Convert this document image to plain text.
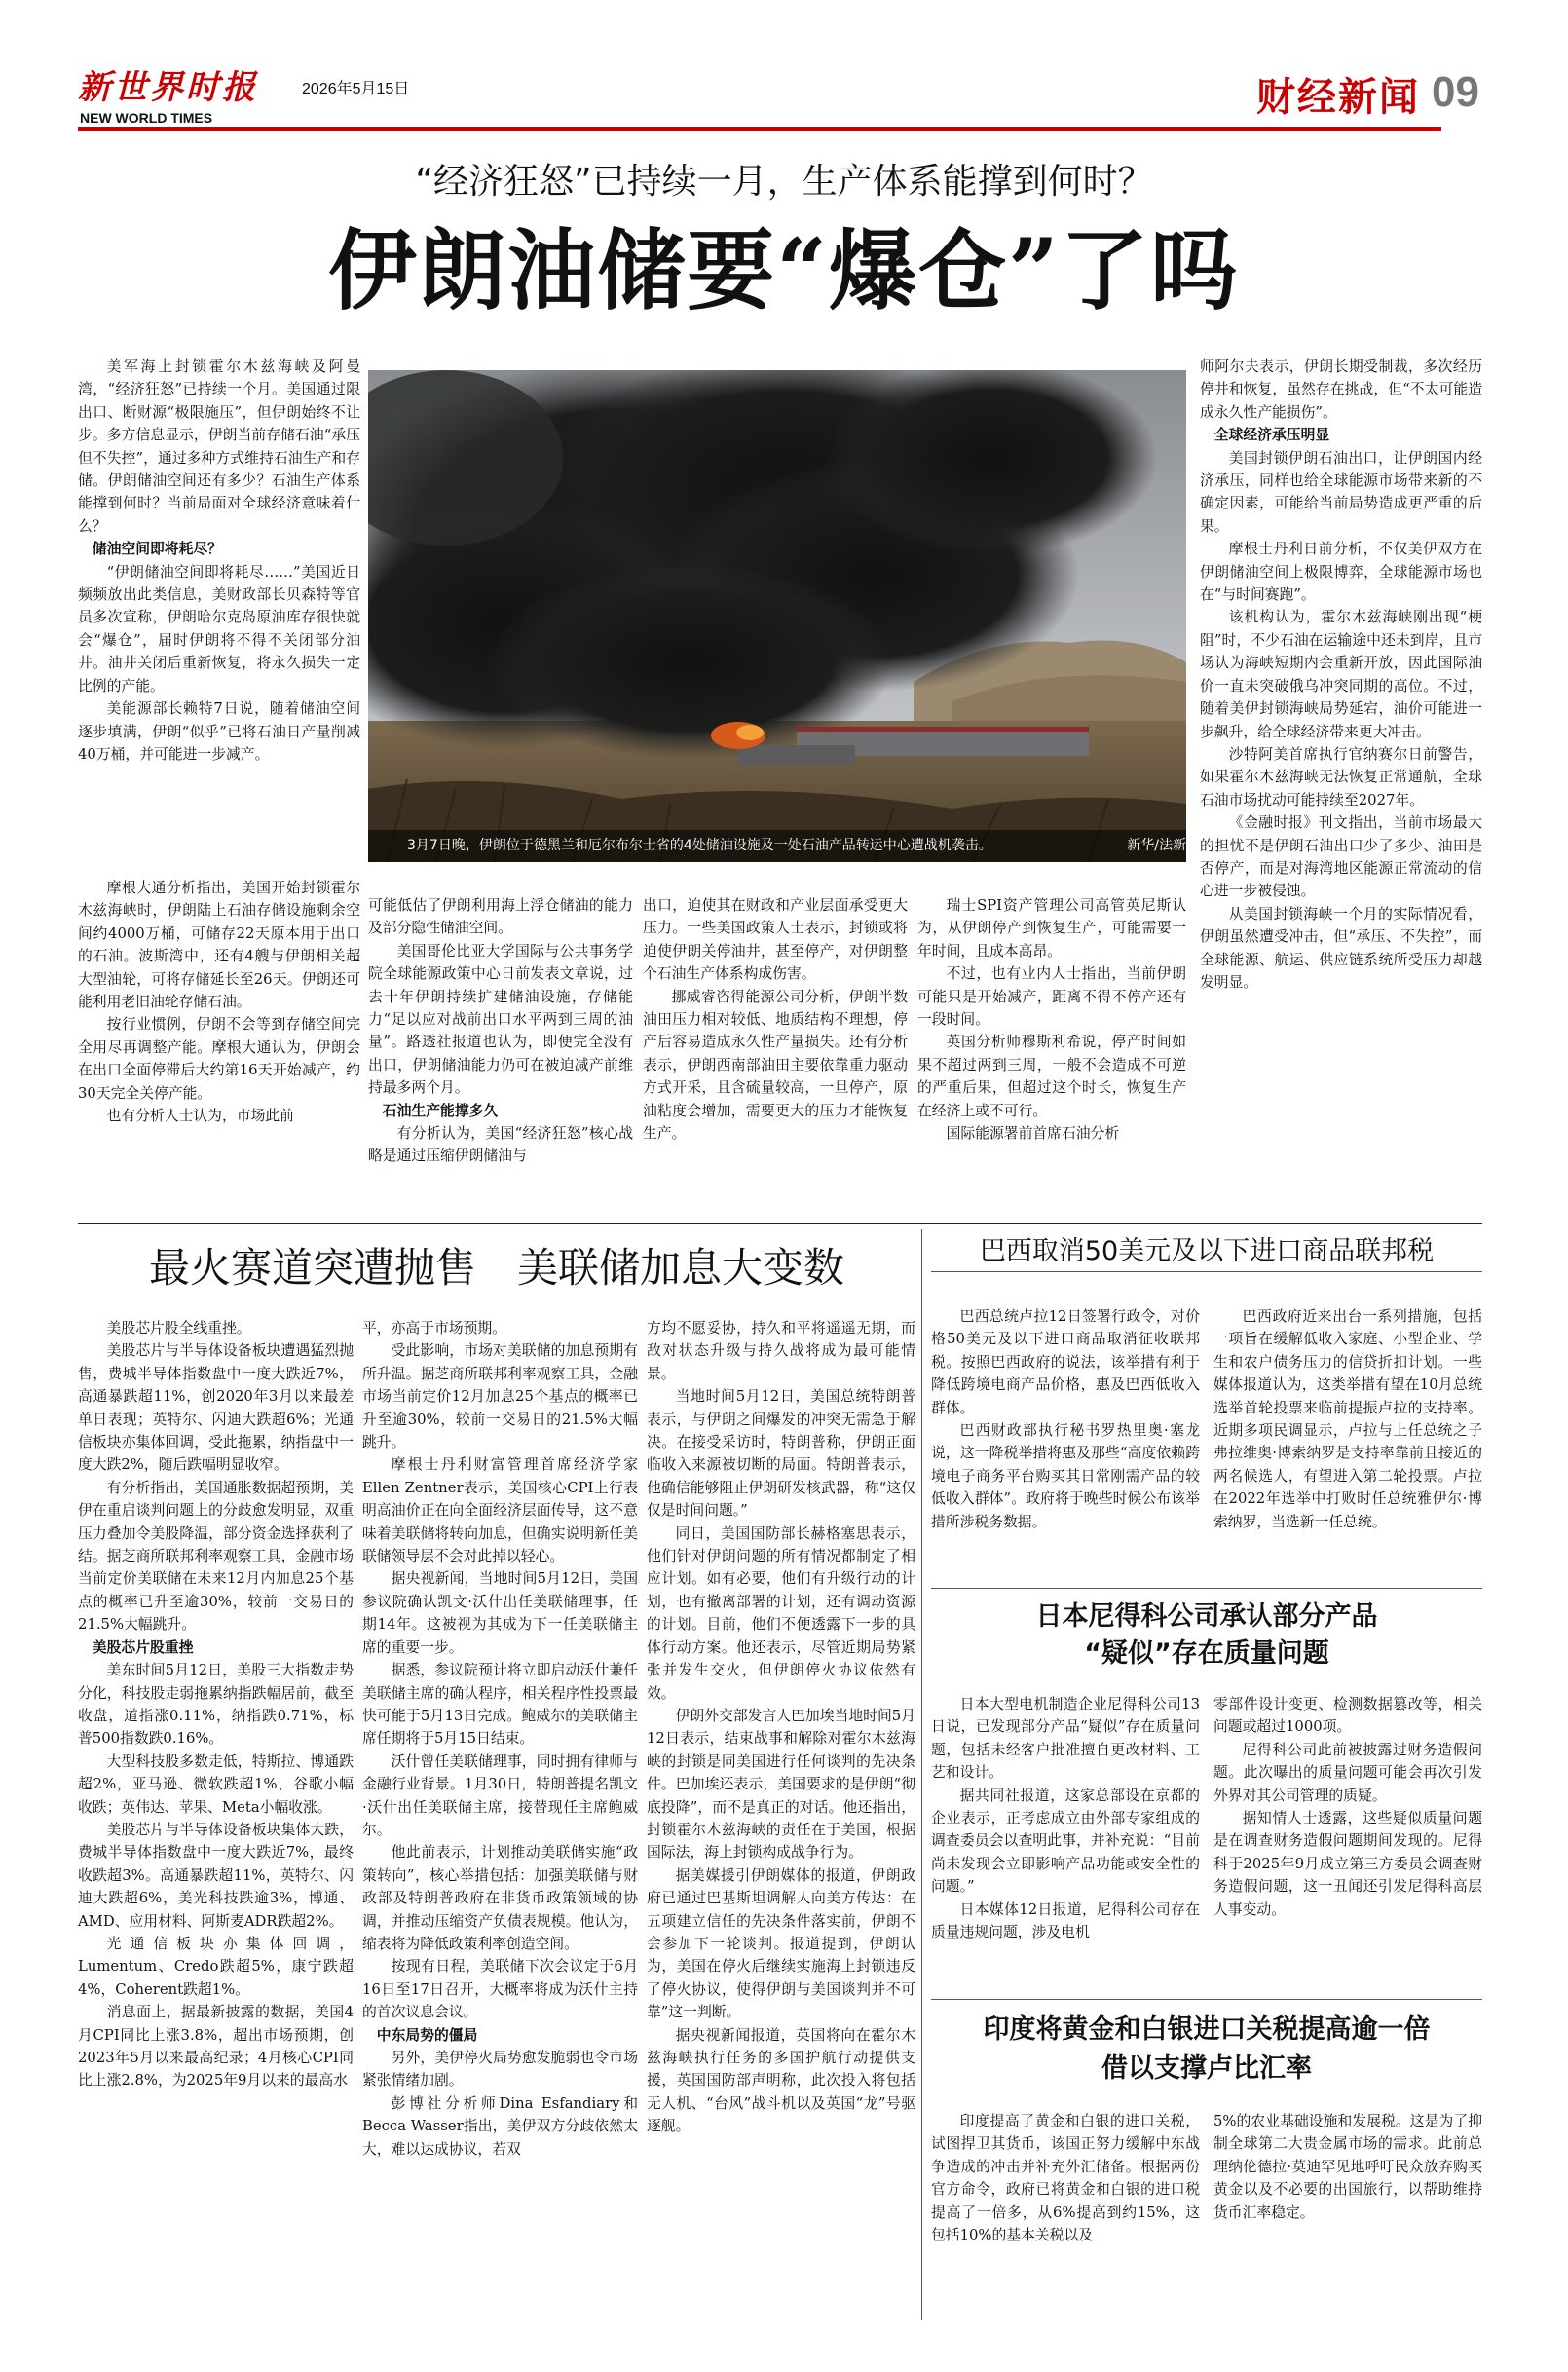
新世界时报
NEW WORLD TIMES
2026年5月15日	财经新闻 09
“经济狂怒”已持续一月，生产体系能撑到何时？
伊朗油储要“爆仓”了吗
3月7日晚，伊朗位于德黑兰和厄尔布尔士省的4处储油设施及一处石油产品转运中心遭战机袭击。	新华/法新

美军海上封锁霍尔木兹海峡及阿曼湾，“经济狂怒”已持续一个月。美国通过限出口、断财源“极限施压”，但伊朗始终不让步。多方信息显示，伊朗当前存储石油“承压但不失控”，通过多种方式维持石油生产和存储。伊朗储油空间还有多少？石油生产体系能撑到何时？当前局面对全球经济意味着什么？

储油空间即将耗尽？

“伊朗储油空间即将耗尽……”美国近日频频放出此类信息，美财政部长贝森特等官员多次宣称，伊朗哈尔克岛原油库存很快就会“爆仓”，届时伊朗将不得不关闭部分油井。油井关闭后重新恢复，将永久损失一定比例的产能。

美能源部长赖特7日说，随着储油空间逐步填满，伊朗“似乎”已将石油日产量削减40万桶，并可能进一步减产。

摩根大通分析指出，美国开始封锁霍尔木兹海峡时，伊朗陆上石油存储设施剩余空间约4000万桶，可储存22天原本用于出口的石油。波斯湾中，还有4艘与伊朗相关超大型油轮，可将存储延长至26天。伊朗还可能利用老旧油轮存储石油。

按行业惯例，伊朗不会等到存储空间完全用尽再调整产能。摩根大通认为，伊朗会在出口全面停滞后大约第16天开始减产，约30天完全关停产能。

也有分析人士认为，市场此前

可能低估了伊朗利用海上浮仓储油的能力及部分隐性储油空间。

美国哥伦比亚大学国际与公共事务学院全球能源政策中心日前发表文章说，过去十年伊朗持续扩建储油设施，存储能力“足以应对战前出口水平两到三周的油量”。路透社报道也认为，即便完全没有出口，伊朗储油能力仍可在被迫减产前维持最多两个月。

石油生产能撑多久

有分析认为，美国“经济狂怒”核心战略是通过压缩伊朗储油与

出口，迫使其在财政和产业层面承受更大压力。一些美国政策人士表示，封锁或将迫使伊朗关停油井，甚至停产，对伊朗整个石油生产体系构成伤害。

挪威睿咨得能源公司分析，伊朗半数油田压力相对较低、地质结构不理想，停产后容易造成永久性产量损失。还有分析表示，伊朗西南部油田主要依靠重力驱动方式开采，且含硫量较高，一旦停产，原油粘度会增加，需要更大的压力才能恢复生产。

瑞士SPI资产管理公司高管英尼斯认为，从伊朗停产到恢复生产，可能需要一年时间，且成本高昂。

不过，也有业内人士指出，当前伊朗可能只是开始减产，距离不得不停产还有一段时间。

英国分析师穆斯利希说，停产时间如果不超过两到三周，一般不会造成不可逆的严重后果，但超过这个时长，恢复生产在经济上或不可行。

国际能源署前首席石油分析

师阿尔夫表示，伊朗长期受制裁，多次经历停井和恢复，虽然存在挑战，但“不太可能造成永久性产能损伤”。

全球经济承压明显

美国封锁伊朗石油出口，让伊朗国内经济承压，同样也给全球能源市场带来新的不确定因素，可能给当前局势造成更严重的后果。

摩根士丹利日前分析，不仅美伊双方在伊朗储油空间上极限博弈，全球能源市场也在“与时间赛跑”。

该机构认为，霍尔木兹海峡刚出现“梗阻”时，不少石油在运输途中还未到岸，且市场认为海峡短期内会重新开放，因此国际油价一直未突破俄乌冲突同期的高位。不过，随着美伊封锁海峡局势延宕，油价可能进一步飙升，给全球经济带来更大冲击。

沙特阿美首席执行官纳赛尔日前警告，如果霍尔木兹海峡无法恢复正常通航，全球石油市场扰动可能持续至2027年。

《金融时报》刊文指出，当前市场最大的担忧不是伊朗石油出口少了多少、油田是否停产，而是对海湾地区能源正常流动的信心进一步被侵蚀。

从美国封锁海峡一个月的实际情况看，伊朗虽然遭受冲击，但“承压、不失控”，而全球能源、航运、供应链系统所受压力却越发明显。

最火赛道突遭抛售　美联储加息大变数

美股芯片股全线重挫。

美股芯片与半导体设备板块遭遇猛烈抛售，费城半导体指数盘中一度大跌近7%，高通暴跌超11%，创2020年3月以来最差单日表现；英特尔、闪迪大跌超6%；光通信板块亦集体回调，受此拖累，纳指盘中一度大跌2%，随后跌幅明显收窄。

有分析指出，美国通胀数据超预期，美伊在重启谈判问题上的分歧愈发明显，双重压力叠加令美股降温，部分资金选择获利了结。据芝商所联邦利率观察工具，金融市场当前定价美联储在未来12月内加息25个基点的概率已升至逾30%，较前一交易日的21.5%大幅跳升。

美股芯片股重挫

美东时间5月12日，美股三大指数走势分化，科技股走弱拖累纳指跌幅居前，截至收盘，道指涨0.11%，纳指跌0.71%，标普500指数跌0.16%。

大型科技股多数走低，特斯拉、博通跌超2%，亚马逊、微软跌超1%，谷歌小幅收跌；英伟达、苹果、Meta小幅收涨。

美股芯片与半导体设备板块集体大跌，费城半导体指数盘中一度大跌近7%，最终收跌超3%。高通暴跌超11%，英特尔、闪迪大跌超6%，美光科技跌逾3%，博通、AMD、应用材料、阿斯麦ADR跌超2%。

光通信板块亦集体回调，Lumentum、Credo跌超5%，康宁跌超4%，Coherent跌超1%。

消息面上，据最新披露的数据，美国4月CPI同比上涨3.8%，超出市场预期，创2023年5月以来最高纪录；4月核心CPI同比上涨2.8%，为2025年9月以来的最高水

平，亦高于市场预期。

受此影响，市场对美联储的加息预期有所升温。据芝商所联邦利率观察工具，金融市场当前定价12月加息25个基点的概率已升至逾30%，较前一交易日的21.5%大幅跳升。

摩根士丹利财富管理首席经济学家Ellen Zentner表示，美国核心CPI上行表明高油价正在向全面经济层面传导，这不意味着美联储将转向加息，但确实说明新任美联储领导层不会对此掉以轻心。

据央视新闻，当地时间5月12日，美国参议院确认凯文·沃什出任美联储理事，任期14年。这被视为其成为下一任美联储主席的重要一步。

据悉，参议院预计将立即启动沃什兼任美联储主席的确认程序，相关程序性投票最快可能于5月13日完成。鲍威尔的美联储主席任期将于5月15日结束。

沃什曾任美联储理事，同时拥有律师与金融行业背景。1月30日，特朗普提名凯文·沃什出任美联储主席，接替现任主席鲍威尔。

他此前表示，计划推动美联储实施“政策转向”，核心举措包括：加强美联储与财政部及特朗普政府在非货币政策领域的协调，并推动压缩资产负债表规模。他认为，缩表将为降低政策利率创造空间。

按现有日程，美联储下次会议定于6月16日至17日召开，大概率将成为沃什主持的首次议息会议。

中东局势的僵局

另外，美伊停火局势愈发脆弱也令市场紧张情绪加剧。

彭博社分析师Dina Esfandiary和Becca Wasser指出，美伊双方分歧依然太大，难以达成协议，若双

方均不愿妥协，持久和平将遥遥无期，而敌对状态升级与持久战将成为最可能情景。

当地时间5月12日，美国总统特朗普表示，与伊朗之间爆发的冲突无需急于解决。在接受采访时，特朗普称，伊朗正面临收入来源被切断的局面。特朗普表示，他确信能够阻止伊朗研发核武器，称“这仅仅是时间问题。”

同日，美国国防部长赫格塞思表示，他们针对伊朗问题的所有情况都制定了相应计划。如有必要，他们有升级行动的计划，也有撤离部署的计划，还有调动资源的计划。目前，他们不便透露下一步的具体行动方案。他还表示，尽管近期局势紧张并发生交火，但伊朗停火协议依然有效。

伊朗外交部发言人巴加埃当地时间5月12日表示，结束战事和解除对霍尔木兹海峡的封锁是同美国进行任何谈判的先决条件。巴加埃还表示，美国要求的是伊朗“彻底投降”，而不是真正的对话。他还指出，封锁霍尔木兹海峡的责任在于美国，根据国际法，海上封锁构成战争行为。

据美媒援引伊朗媒体的报道，伊朗政府已通过巴基斯坦调解人向美方传达：在五项建立信任的先决条件落实前，伊朗不会参加下一轮谈判。报道提到，伊朗认为，美国在停火后继续实施海上封锁违反了停火协议，使得伊朗与美国谈判并不可靠”这一判断。

据央视新闻报道，英国将向在霍尔木兹海峡执行任务的多国护航行动提供支援，英国国防部声明称，此次投入将包括无人机、“台风”战斗机以及英国“龙”号驱逐舰。

巴西取消50美元及以下进口商品联邦税

巴西总统卢拉12日签署行政令，对价格50美元及以下进口商品取消征收联邦税。按照巴西政府的说法，该举措有利于降低跨境电商产品价格，惠及巴西低收入群体。

巴西财政部执行秘书罗热里奥·塞龙说，这一降税举措将惠及那些“高度依赖跨境电子商务平台购买其日常刚需产品的较低收入群体”。政府将于晚些时候公布该举措所涉税务数据。

巴西政府近来出台一系列措施，包括一项旨在缓解低收入家庭、小型企业、学生和农户债务压力的信贷折扣计划。一些媒体报道认为，这类举措有望在10月总统选举首轮投票来临前提振卢拉的支持率。近期多项民调显示，卢拉与上任总统之子弗拉维奥·博索纳罗是支持率靠前且接近的两名候选人，有望进入第二轮投票。卢拉在2022年选举中打败时任总统雅伊尔·博索纳罗，当选新一任总统。

日本尼得科公司承认部分产品
“疑似”存在质量问题

日本大型电机制造企业尼得科公司13日说，已发现部分产品“疑似”存在质量问题，包括未经客户批准擅自更改材料、工艺和设计。

据共同社报道，这家总部设在京都的企业表示，正考虑成立由外部专家组成的调查委员会以查明此事，并补充说：“目前尚未发现会立即影响产品功能或安全性的问题。”

日本媒体12日报道，尼得科公司存在质量违规问题，涉及电机

零部件设计变更、检测数据篡改等，相关问题或超过1000项。

尼得科公司此前被披露过财务造假问题。此次曝出的质量问题可能会再次引发外界对其公司管理的质疑。

据知情人士透露，这些疑似质量问题是在调查财务造假问题期间发现的。尼得科于2025年9月成立第三方委员会调查财务造假问题，这一丑闻还引发尼得科高层人事变动。

印度将黄金和白银进口关税提高逾一倍
借以支撑卢比汇率

印度提高了黄金和白银的进口关税，试图捍卫其货币，该国正努力缓解中东战争造成的冲击并补充外汇储备。根据两份官方命令，政府已将黄金和白银的进口税提高了一倍多，从6%提高到约15%，这包括10%的基本关税以及

5%的农业基础设施和发展税。这是为了抑制全球第二大贵金属市场的需求。此前总理纳伦德拉·莫迪罕见地呼吁民众放弃购买黄金以及不必要的出国旅行，以帮助维持货币汇率稳定。
